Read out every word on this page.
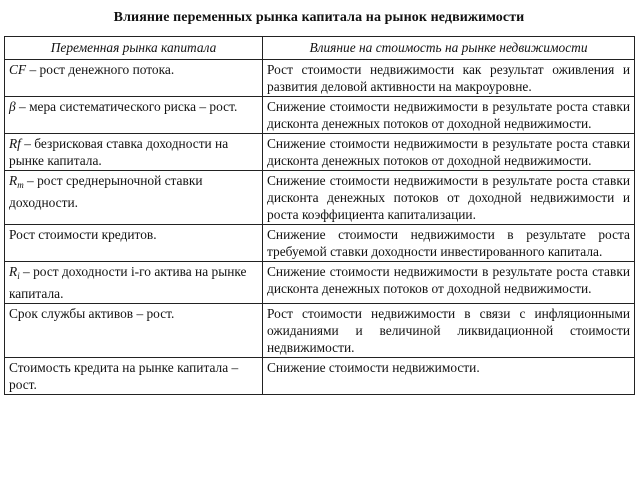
Влияние переменных рынка капитала на рынок недвижимости
Переменная рынка капитала	Влияние на стоимость на рынке недвижимости
CF – рост денежного потока.	Рост стоимости недвижимости как результат оживления и развития деловой активности на макроуровне.
β – мера систематического риска – рост.	Снижение стоимости недвижимости в результате роста ставки дисконта денежных потоков от доходной недвижимости.
Rf – безрисковая ставка доходности на рынке капитала.	Снижение стоимости недвижимости в результате роста ставки дисконта денежных потоков от доходной недвижимости.
$R_m$ – рост среднерыночной ставки доходности.	Снижение стоимости недвижимости в результате роста ставки дисконта денежных потоков от доходной недвижимости и роста коэффициента капитализации.
Рост стоимости кредитов.	Снижение стоимости недвижимости в результате роста требуемой ставки доходности инвестированного капитала.
$R_i$ – рост доходности i-го актива на рынке капитала.	Снижение стоимости недвижимости в результате роста ставки дисконта денежных потоков от доходной недвижимости.
Срок службы активов – рост.	Рост стоимости недвижимости в связи с инфляционными ожиданиями и величиной ликвидационной стоимости недвижимости.
Стоимость кредита на рынке капитала – рост.	Снижение стоимости недвижимости.
